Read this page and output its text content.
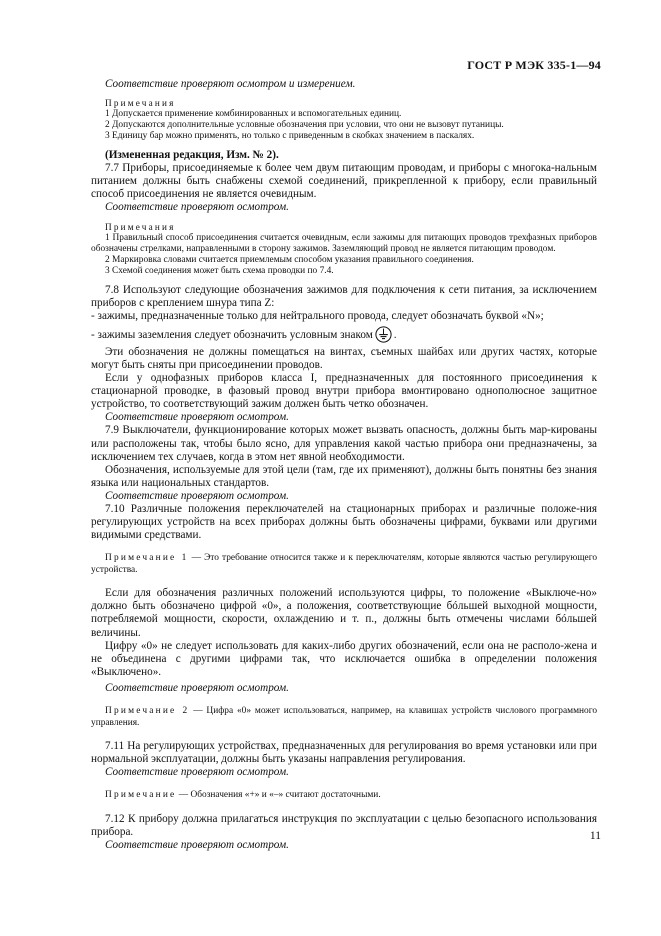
ГОСТ Р МЭК 335-1—94

Соответствие проверяют осмотром и измерением.

Примечания

1 Допускается применение комбинированных и вспомогательных единиц.

2 Допускаются дополнительные условные обозначения при условии, что они не вызовут путаницы.

3 Единицу бар можно применять, но только с приведенным в скобках значением в паскалях.

(Измененная редакция, Изм. № 2).

7.7 Приборы, присоединяемые к более чем двум питающим проводам, и приборы с многока-нальным питанием должны быть снабжены схемой соединений, прикрепленной к прибору, если правильный способ присоединения не является очевидным.

Соответствие проверяют осмотром.

Примечания

1 Правильный способ присоединения считается очевидным, если зажимы для питающих проводов трехфазных приборов обозначены стрелками, направленными в сторону зажимов. Заземляющий провод не является питающим проводом.

2 Маркировка словами считается приемлемым способом указания правильного соединения.

3 Схемой соединения может быть схема проводки по 7.4.

7.8 Используют следующие обозначения зажимов для подключения к сети питания, за исключением приборов с креплением шнура типа Z:

- зажимы, предназначенные только для нейтрального провода, следует обозначать буквой «N»;

- зажимы заземления следует обозначить условным знаком .

Эти обозначения не должны помещаться на винтах, съемных шайбах или других частях, которые могут быть сняты при присоединении проводов.

Если у однофазных приборов класса I, предназначенных для постоянного присоединения к стационарной проводке, в фазовый провод внутри прибора вмонтировано однополюсное защитное устройство, то соответствующий зажим должен быть четко обозначен.

Соответствие проверяют осмотром.

7.9 Выключатели, функционирование которых может вызвать опасность, должны быть мар-кированы или расположены так, чтобы было ясно, для управления какой частью прибора они предназначены, за исключением тех случаев, когда в этом нет явной необходимости.

Обозначения, используемые для этой цели (там, где их применяют), должны быть понятны без знания языка или национальных стандартов.

Соответствие проверяют осмотром.

7.10 Различные положения переключателей на стационарных приборах и различные положе-ния регулирующих устройств на всех приборах должны быть обозначены цифрами, буквами или другими видимыми средствами.

Примечание 1 — Это требование относится также и к переключателям, которые являются частью регулирующего устройства.

Если для обозначения различных положений используются цифры, то положение «Выключе-но» должно быть обозначено цифрой «0», а положения, соответствующие бóльшей выходной мощности, потребляемой мощности, скорости, охлаждению и т. п., должны быть отмечены числами бóльшей величины.

Цифру «0» не следует использовать для каких-либо других обозначений, если она не располо-жена и не объединена с другими цифрами так, что исключается ошибка в определении положения «Выключено».

Соответствие проверяют осмотром.

Примечание 2 — Цифра «0» может использоваться, например, на клавишах устройств числового программного управления.

7.11 На регулирующих устройствах, предназначенных для регулирования во время установки или при нормальной эксплуатации, должны быть указаны направления регулирования.

Соответствие проверяют осмотром.

Примечание — Обозначения «+» и «–» считают достаточными.

7.12 К прибору должна прилагаться инструкция по эксплуатации с целью безопасного использования прибора.

Соответствие проверяют осмотром.

11
